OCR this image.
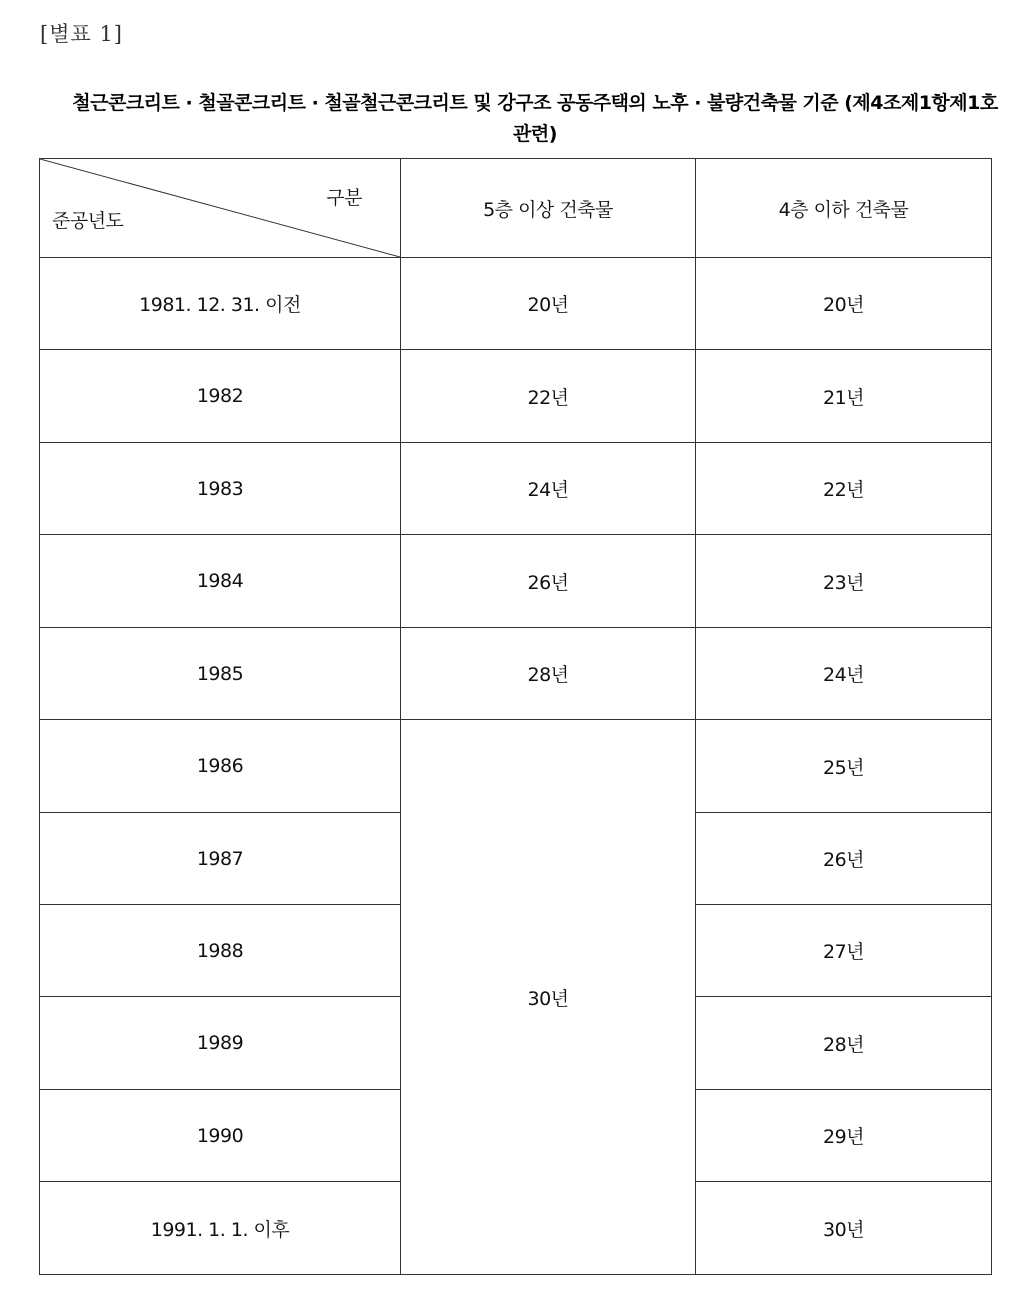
[별표 1]
철근콘크리트 · 철골콘크리트 · 철골철근콘크리트 및 강구조 공동주택의 노후 · 불량건축물 기준 (제4조제1항제1호
관련)
구분
준공년도	5층 이상 건축물	4층 이하 건축물
1981. 12. 31. 이전	20년	20년
1982	22년	21년
1983	24년	22년
1984	26년	23년
1985	28년	24년
1986	30년	25년
1987		26년
1988		27년
1989		28년
1990		29년
1991. 1. 1. 이후		30년
